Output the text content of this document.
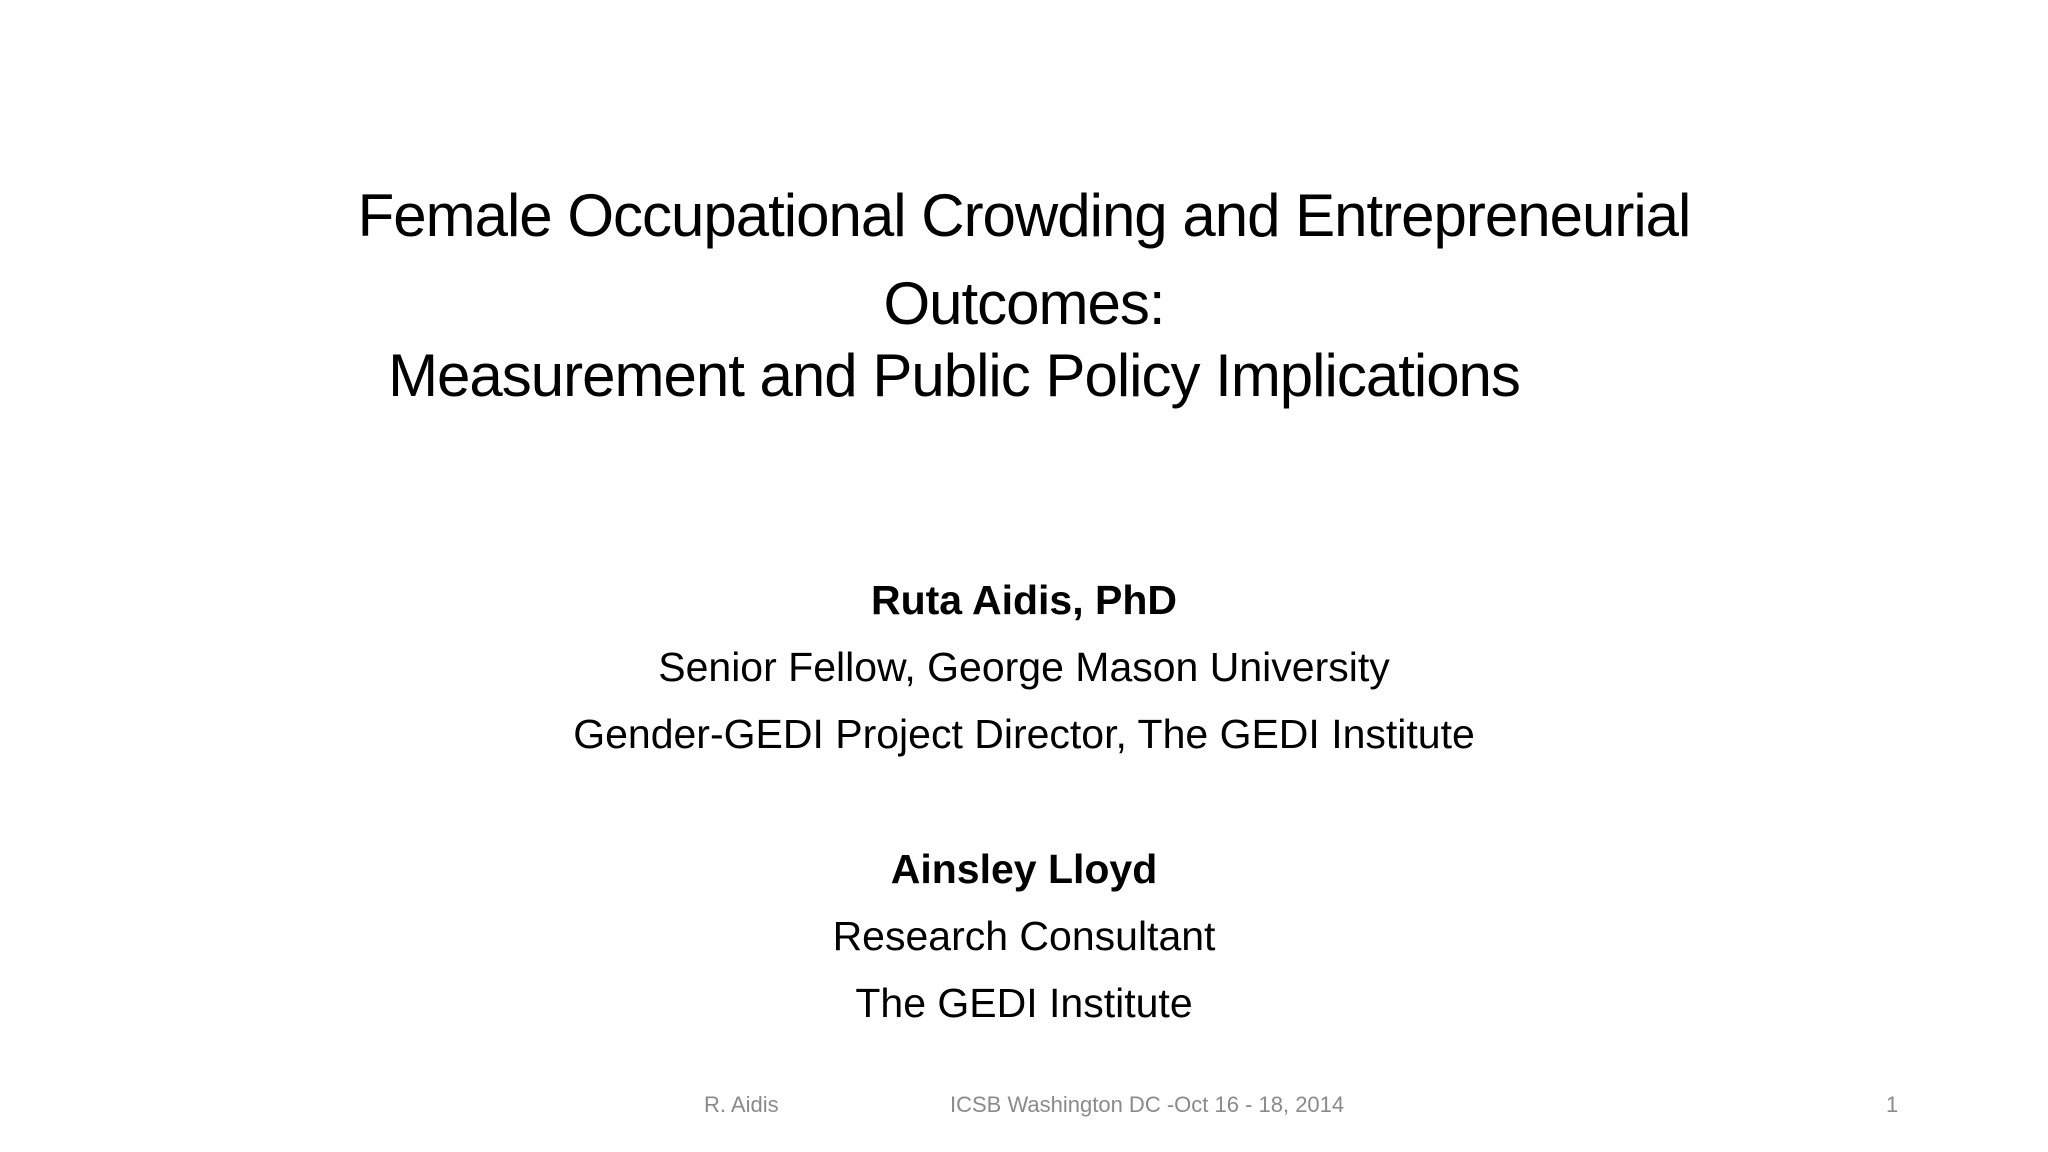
Female Occupational Crowding and Entrepreneurial
Outcomes:
Measurement and Public Policy Implications
Ruta Aidis, PhD
Senior Fellow, George Mason University
Gender-GEDI Project Director, The GEDI Institute
Ainsley Lloyd
Research Consultant
The GEDI Institute
R. Aidis	ICSB Washington DC -Oct 16 - 18, 2014	1
